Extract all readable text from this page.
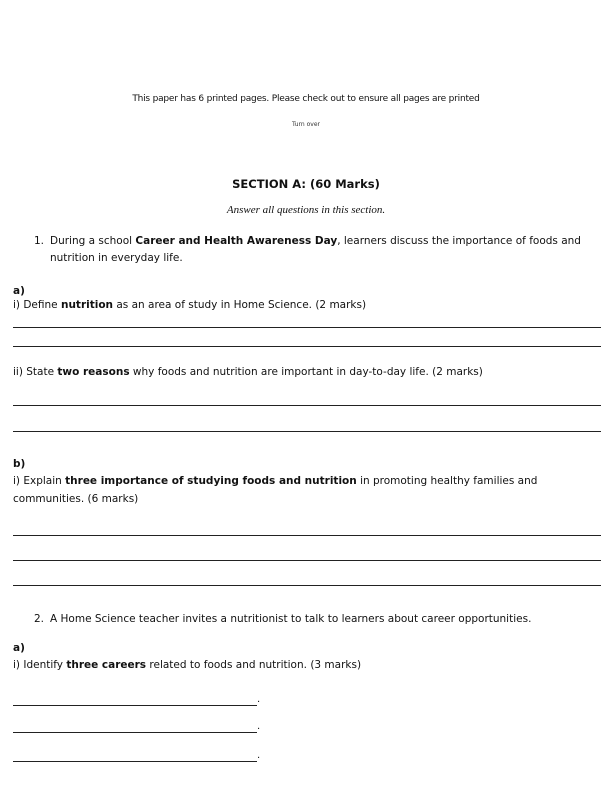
This paper has 6 printed pages. Please check out to ensure all pages are printed
Turn over
SECTION A: (60 Marks)
Answer all questions in this section.
1. During a school Career and Health Awareness Day, learners discuss the importance of foods and
nutrition in everyday life.
a)
i) Define nutrition as an area of study in Home Science. (2 marks)
ii) State two reasons why foods and nutrition are important in day-to-day life. (2 marks)
b)
i) Explain three importance of studying foods and nutrition in promoting healthy families and
communities. (6 marks)
2. A Home Science teacher invites a nutritionist to talk to learners about career opportunities.
a)
i) Identify three careers related to foods and nutrition. (3 marks)
.
.
.
